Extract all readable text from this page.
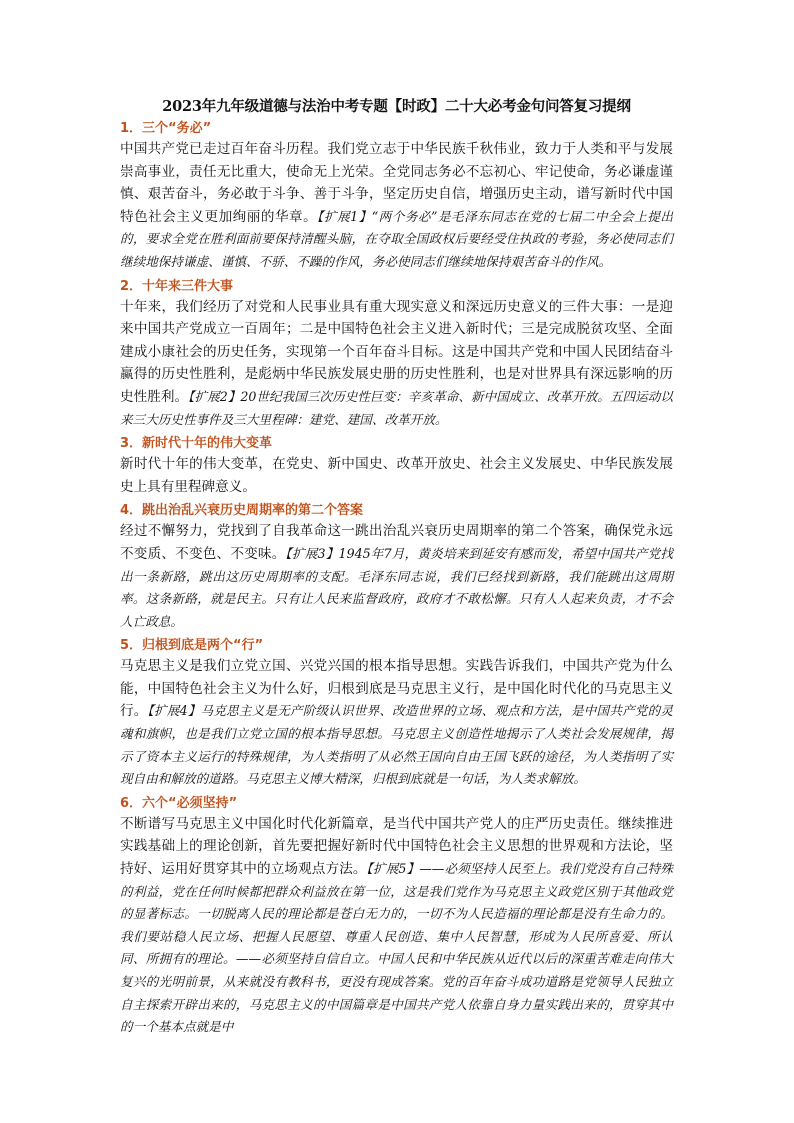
2023年九年级道德与法治中考专题【时政】二十大必考金句问答复习提纲
1．三个“务必”
中国共产党已走过百年奋斗历程。我们党立志于中华民族千秋伟业，致力于人类和平与发展崇高事业，责任无比重大，使命无上光荣。全党同志务必不忘初心、牢记使命，务必谦虚谨慎、艰苦奋斗，务必敢于斗争、善于斗争，坚定历史自信，增强历史主动，谱写新时代中国特色社会主义更加绚丽的华章。【扩展1】“两个务必”是毛泽东同志在党的七届二中全会上提出的，要求全党在胜利面前要保持清醒头脑，在夺取全国政权后要经受住执政的考验，务必使同志们继续地保持谦虚、谨慎、不骄、不躁的作风，务必使同志们继续地保持艰苦奋斗的作风。
2．十年来三件大事
十年来，我们经历了对党和人民事业具有重大现实意义和深远历史意义的三件大事：一是迎来中国共产党成立一百周年；二是中国特色社会主义进入新时代；三是完成脱贫攻坚、全面建成小康社会的历史任务，实现第一个百年奋斗目标。这是中国共产党和中国人民团结奋斗赢得的历史性胜利，是彪炳中华民族发展史册的历史性胜利，也是对世界具有深远影响的历史性胜利。【扩展2】20世纪我国三次历史性巨变：辛亥革命、新中国成立、改革开放。五四运动以来三大历史性事件及三大里程碑：建党、建国、改革开放。
3．新时代十年的伟大变革
新时代十年的伟大变革，在党史、新中国史、改革开放史、社会主义发展史、中华民族发展史上具有里程碑意义。
4．跳出治乱兴衰历史周期率的第二个答案
经过不懈努力，党找到了自我革命这一跳出治乱兴衰历史周期率的第二个答案，确保党永远不变质、不变色、不变味。【扩展3】1945年7月，黄炎培来到延安有感而发，希望中国共产党找出一条新路，跳出这历史周期率的支配。毛泽东同志说，我们已经找到新路，我们能跳出这周期率。这条新路，就是民主。只有让人民来监督政府，政府才不敢松懈。只有人人起来负责，才不会人亡政息。
5．归根到底是两个“行”
马克思主义是我们立党立国、兴党兴国的根本指导思想。实践告诉我们，中国共产党为什么能，中国特色社会主义为什么好，归根到底是马克思主义行，是中国化时代化的马克思主义行。【扩展4】马克思主义是无产阶级认识世界、改造世界的立场、观点和方法，是中国共产党的灵魂和旗帜，也是我们立党立国的根本指导思想。马克思主义创造性地揭示了人类社会发展规律，揭示了资本主义运行的特殊规律，为人类指明了从必然王国向自由王国飞跃的途径，为人类指明了实现自由和解放的道路。马克思主义博大精深，归根到底就是一句话，为人类求解放。
6．六个“必须坚持”
不断谱写马克思主义中国化时代化新篇章，是当代中国共产党人的庄严历史责任。继续推进实践基础上的理论创新，首先要把握好新时代中国特色社会主义思想的世界观和方法论，坚持好、运用好贯穿其中的立场观点方法。【扩展5】——必须坚持人民至上。我们党没有自己特殊的利益，党在任何时候都把群众利益放在第一位，这是我们党作为马克思主义政党区别于其他政党的显著标志。一切脱离人民的理论都是苍白无力的，一切不为人民造福的理论都是没有生命力的。我们要站稳人民立场、把握人民愿望、尊重人民创造、集中人民智慧，形成为人民所喜爱、所认同、所拥有的理论。——必须坚持自信自立。中国人民和中华民族从近代以后的深重苦难走向伟大复兴的光明前景，从来就没有教科书，更没有现成答案。党的百年奋斗成功道路是党领导人民独立自主探索开辟出来的，马克思主义的中国篇章是中国共产党人依靠自身力量实践出来的，贯穿其中的一个基本点就是中
